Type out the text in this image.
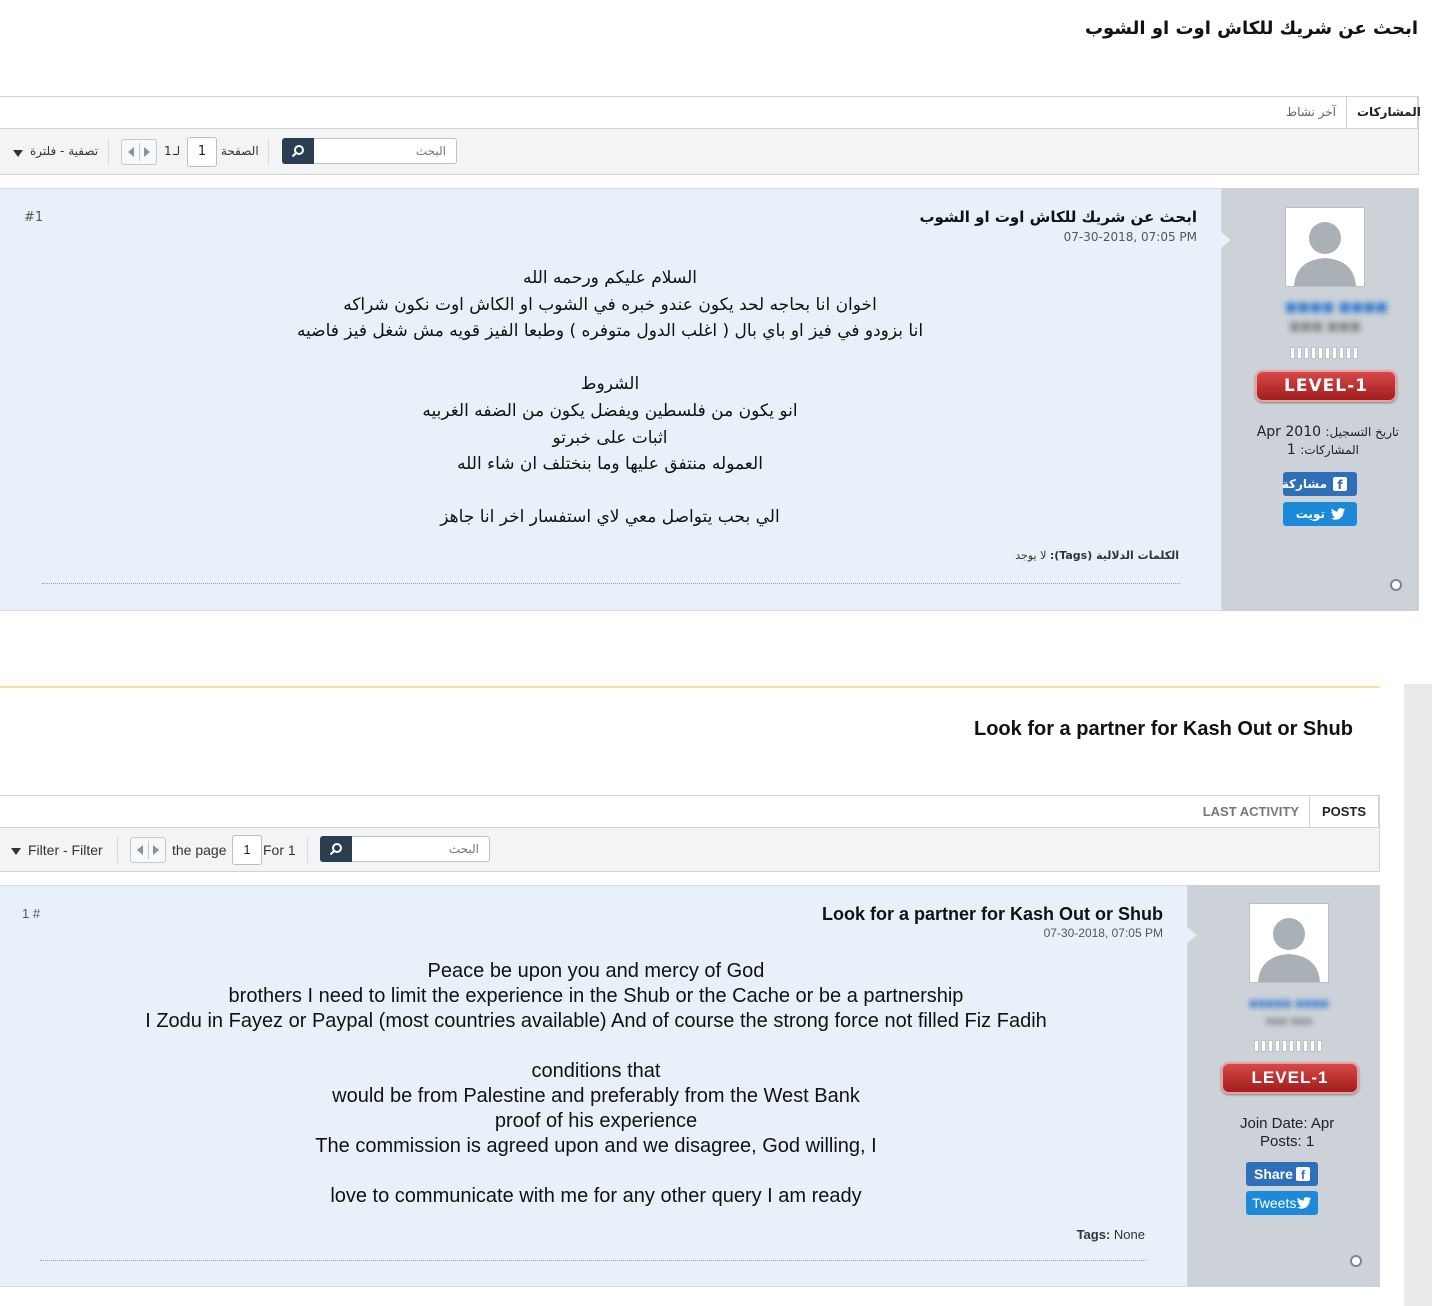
ابحث عن شريك للكاش اوت او الشوب
المشاركات
آخر نشاط
البحث
الصفحة
1
لـ
1
تصفية - فلترة
#1	ابحث عن شريك للكاش اوت او الشوب
07-30-2018, 07:05 PM
السلام عليكم ورحمه الله
اخوان انا بحاجه لحد يكون عندو خبره في الشوب او الكاش اوت نكون شراكه
انا بزودو في فيز او باي بال ( اغلب الدول متوفره ) وطبعا الفيز قويه مش شغل فيز فاضيه
الشروط
انو يكون من فلسطين ويفضل يكون من الضفه الغربيه
اثبات على خبرتو
العموله منتفق عليها وما بنختلف ان شاء الله
الي بحب يتواصل معي لاي استفسار اخر انا جاهز
الكلمات الدلالية (Tags): لا يوجد
■■■■ ■■■■
■■■ ■■■
LEVEL-1
تاريخ التسجيل: Apr 2010
المشاركات: 1
f
مشاركة
تويت
Look for a partner for Kash Out or Shub
POSTS
LAST ACTIVITY
Filter - Filter	the page	1 For 1	البحث
1 #	Look for a partner for Kash Out or Shub
07-30-2018, 07:05 PM
Peace be upon you and mercy of God
brothers I need to limit the experience in the Shub or the Cache or be a partnership
I Zodu in Fayez or Paypal (most countries available) And of course the strong force not filled Fiz Fadih
conditions that
would be from Palestine and preferably from the West Bank
proof of his experience
The commission is agreed upon and we disagree, God willing, I
love to communicate with me for any other query I am ready
Tags: None
■■■■■ ■■■■
■■■ ■■■
LEVEL-1
Join Date: Apr
Posts: 1
Share f
Tweets
